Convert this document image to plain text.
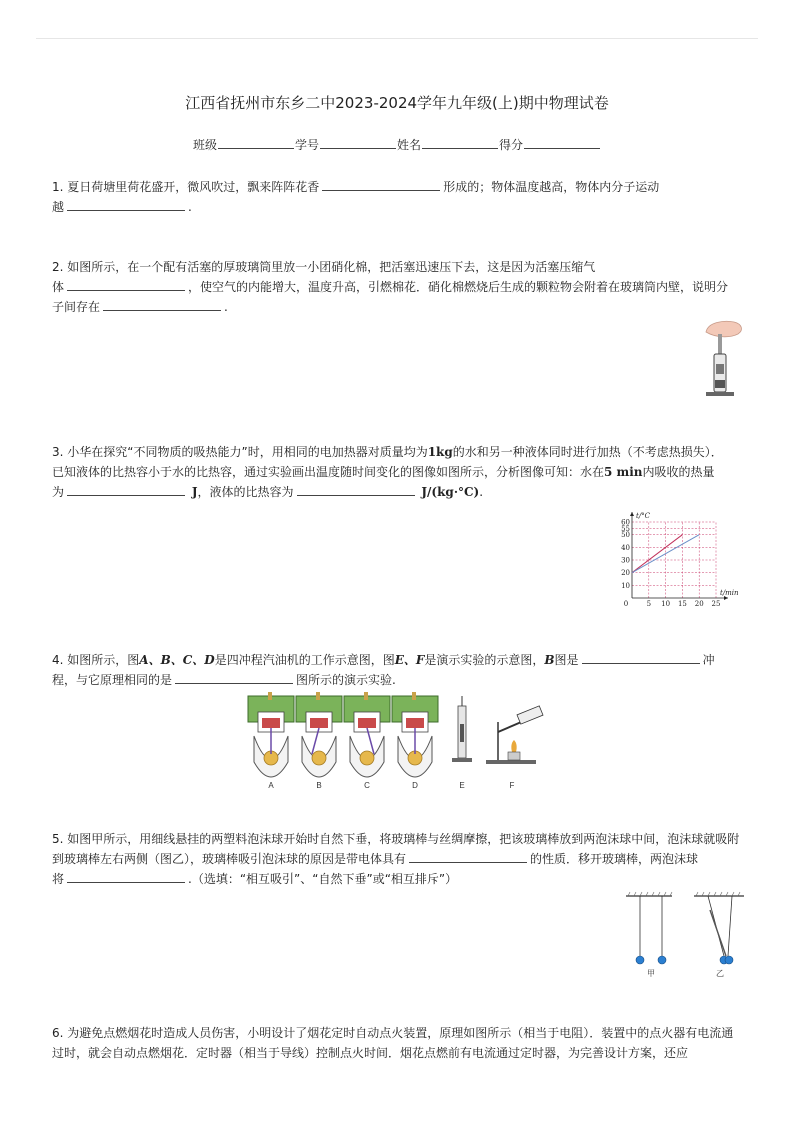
江西省抚州市东乡二中2023-2024学年九年级(上)期中物理试卷
班级	学号	姓名	得分
1. 夏日荷塘里荷花盛开，微风吹过，飘来阵阵花香	形成的；物体温度越高，物体内分子运动
越	.
2. 如图所示，在一个配有活塞的厚玻璃筒里放一小团硝化棉，把活塞迅速压下去，这是因为活塞压缩气
体	，使空气的内能增大，温度升高，引燃棉花．硝化棉燃烧后生成的颗粒物会附着在玻璃筒内壁，说明分
子间存在	.
3. 小华在探究“不同物质的吸热能力”时，用相同的电加热器对质量均为1kg的水和另一种液体同时进行加热（不考虑热损失）．
已知液体的比热容小于水的比热容，通过实验画出温度随时间变化的图像如图所示，分析图像可知：水在5 min内吸收的热量
为	J，液体的比热容为	J/(kg·°C).
0	5 10 15 20 25
10
20
30
40
50
55
60
t/min
t/°C
4. 如图所示，图A、B、C、D是四冲程汽油机的工作示意图，图E、F是演示实验的示意图，B图是	冲
程，与它原理相同的是	图所示的演示实验.
A	B	C	D	E	F
5. 如图甲所示，用细线悬挂的两塑料泡沫球开始时自然下垂，将玻璃棒与丝绸摩擦，把该玻璃棒放到两泡沫球中间，泡沫球就吸附
到玻璃棒左右两侧（图乙），玻璃棒吸引泡沫球的原因是带电体具有	的性质．移开玻璃棒，两泡沫球
将	.（选填：“相互吸引”、“自然下垂”或“相互排斥”）
甲	乙
6. 为避免点燃烟花时造成人员伤害，小明设计了烟花定时自动点火装置，原理如图所示（相当于电阻）．装置中的点火器有电流通
过时，就会自动点燃烟花．定时器（相当于导线）控制点火时间．烟花点燃前有电流通过定时器，为完善设计方案，还应
